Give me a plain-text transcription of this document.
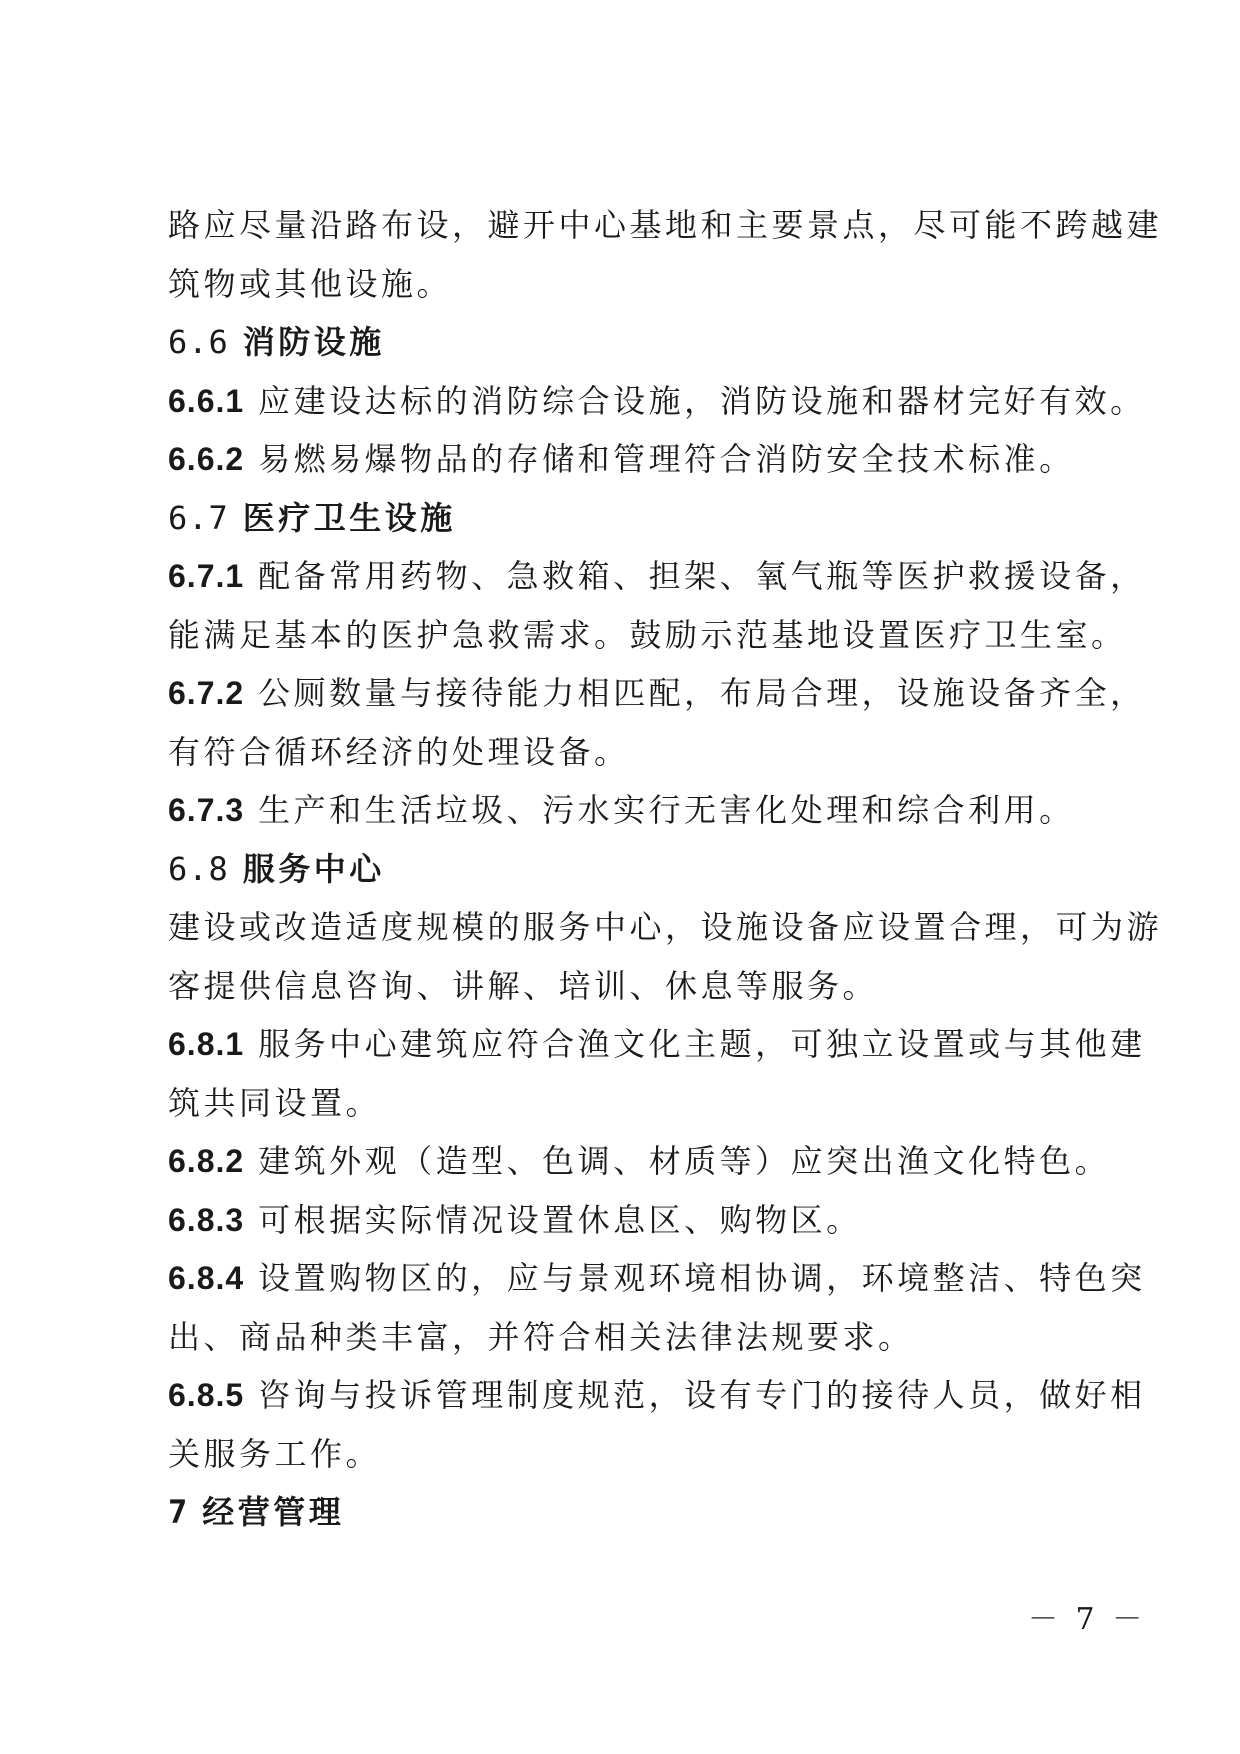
路应尽量沿路布设，避开中心基地和主要景点，尽可能不跨越建

筑物或其他设施。

6.6 消防设施

6.6.1 应建设达标的消防综合设施，消防设施和器材完好有效。

6.6.2 易燃易爆物品的存储和管理符合消防安全技术标准。

6.7 医疗卫生设施

6.7.1 配备常用药物、急救箱、担架、氧气瓶等医护救援设备，

能满足基本的医护急救需求。鼓励示范基地设置医疗卫生室。

6.7.2 公厕数量与接待能力相匹配，布局合理，设施设备齐全，

有符合循环经济的处理设备。

6.7.3 生产和生活垃圾、污水实行无害化处理和综合利用。

6.8 服务中心

建设或改造适度规模的服务中心，设施设备应设置合理，可为游

客提供信息咨询、讲解、培训、休息等服务。

6.8.1 服务中心建筑应符合渔文化主题，可独立设置或与其他建

筑共同设置。

6.8.2 建筑外观（造型、色调、材质等）应突出渔文化特色。

6.8.3 可根据实际情况设置休息区、购物区。

6.8.4 设置购物区的，应与景观环境相协调，环境整洁、特色突

出、商品种类丰富，并符合相关法律法规要求。

6.8.5 咨询与投诉管理制度规范，设有专门的接待人员，做好相

关服务工作。

7 经营管理

－ 7 －
